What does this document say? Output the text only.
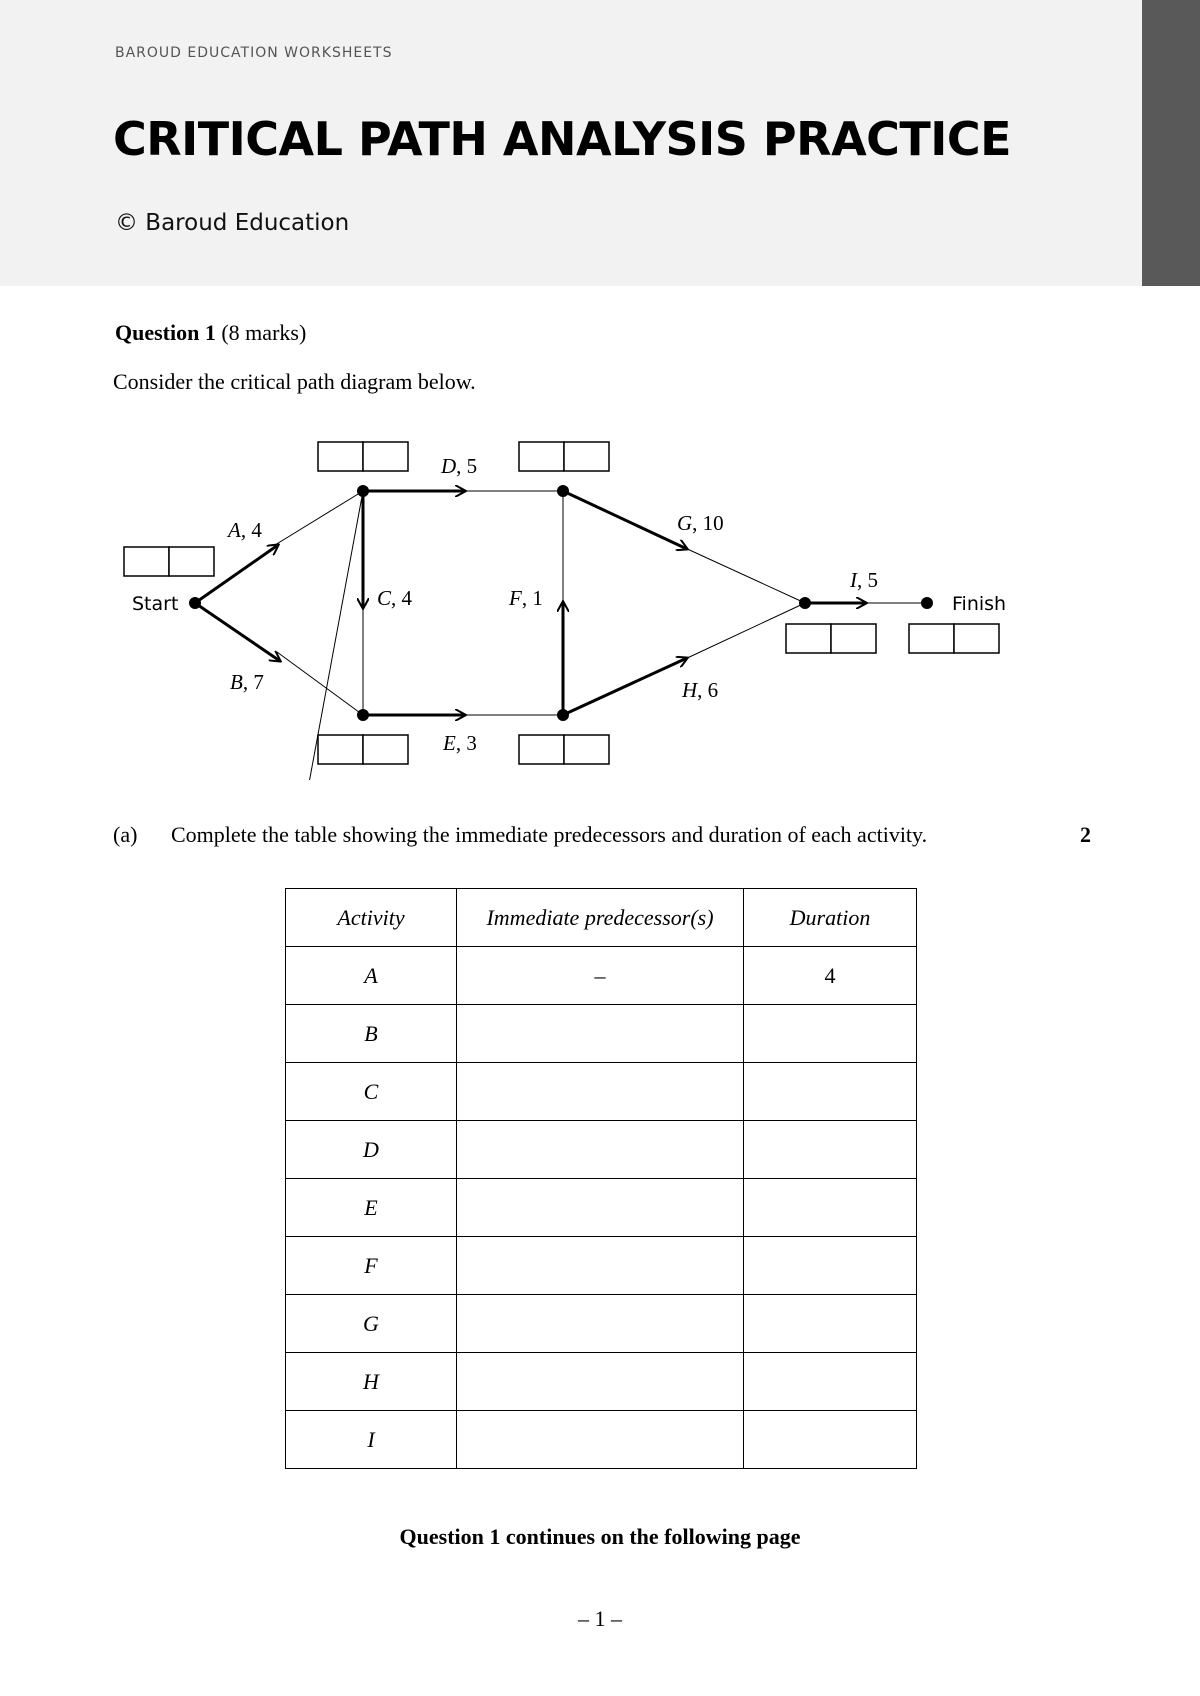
BAROUD EDUCATION WORKSHEETS
CRITICAL PATH ANALYSIS PRACTICE
© Baroud Education
Question 1 (8 marks)
Consider the critical path diagram below.
Start	Finish
A, 4
B, 7
C, 4
D, 5
E, 3
F, 1
G, 10
H, 6
I, 5
(a) Complete the table showing the immediate predecessors and duration of each activity.	2
Activity	Immediate predecessor(s)	Duration
A	–	4
B		
C		
D		
E		
F		
G		
H		
I		
Question 1 continues on the following page
– 1 –
